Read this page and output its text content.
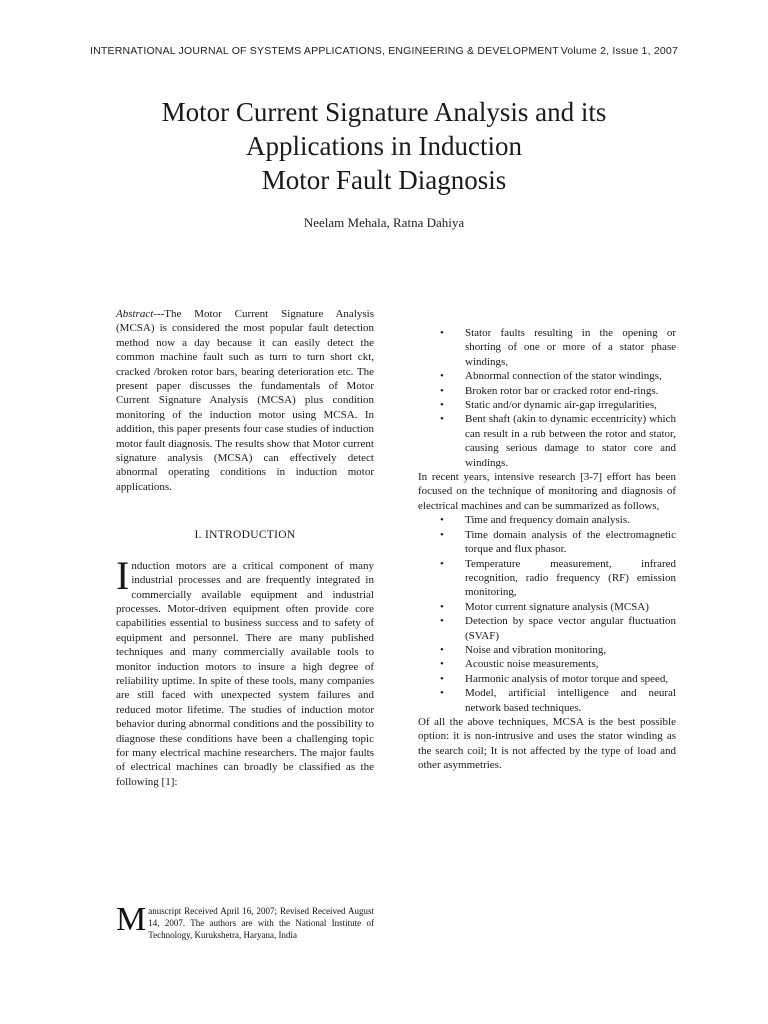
INTERNATIONAL JOURNAL OF SYSTEMS APPLICATIONS, ENGINEERING & DEVELOPMENT Volume 2, Issue 1, 2007
Motor Current Signature Analysis and its
Applications in Induction
Motor Fault Diagnosis
Neelam Mehala, Ratna Dahiya
Abstract---The Motor Current Signature Analysis (MCSA) is considered the most popular fault detection method now a day because it can easily detect the common machine fault such as turn to turn short ckt, cracked /broken rotor bars, bearing deterioration etc. The present paper discusses the fundamentals of Motor Current Signature Analysis (MCSA) plus condition monitoring of the induction motor using MCSA. In addition, this paper presents four case studies of induction motor fault diagnosis. The results show that Motor current signature analysis (MCSA) can effectively detect abnormal operating conditions in induction motor applications.
I. INTRODUCTION
Induction motors are a critical component of many industrial processes and are frequently integrated in commercially available equipment and industrial processes. Motor-driven equipment often provide core capabilities essential to business success and to safety of equipment and personnel. There are many published techniques and many commercially available tools to monitor induction motors to insure a high degree of reliability uptime. In spite of these tools, many companies are still faced with unexpected system failures and reduced motor lifetime. The studies of induction motor behavior during abnormal conditions and the possibility to diagnose these conditions have been a challenging topic for many electrical machine researchers. The major faults of electrical machines can broadly be classified as the following [1]:
Manuscript Received April 16, 2007; Revised Received August 14, 2007. The authors are with the National Institute of Technology, Kurukshetra, Haryana, India
• Stator faults resulting in the opening or shorting of one or more of a stator phase windings,
• Abnormal connection of the stator windings,
• Broken rotor bar or cracked rotor end-rings.
• Static and/or dynamic air-gap irregularities,
• Bent shaft (akin to dynamic eccentricity) which can result in a rub between the rotor and stator, causing serious damage to stator core and windings.
In recent years, intensive research [3-7] effort has been focused on the technique of monitoring and diagnosis of electrical machines and can be summarized as follows,
• Time and frequency domain analysis.
• Time domain analysis of the electromagnetic torque and flux phasor.
• Temperature measurement, infrared recognition, radio frequency (RF) emission monitoring,
• Motor current signature analysis (MCSA)
• Detection by space vector angular fluctuation (SVAF)
• Noise and vibration monitoring,
• Acoustic noise measurements,
• Harmonic analysis of motor torque and speed,
• Model, artificial intelligence and neural network based techniques.
Of all the above techniques, MCSA is the best possible option: it is non-intrusive and uses the stator winding as the search coil; It is not affected by the type of load and other asymmetries.
